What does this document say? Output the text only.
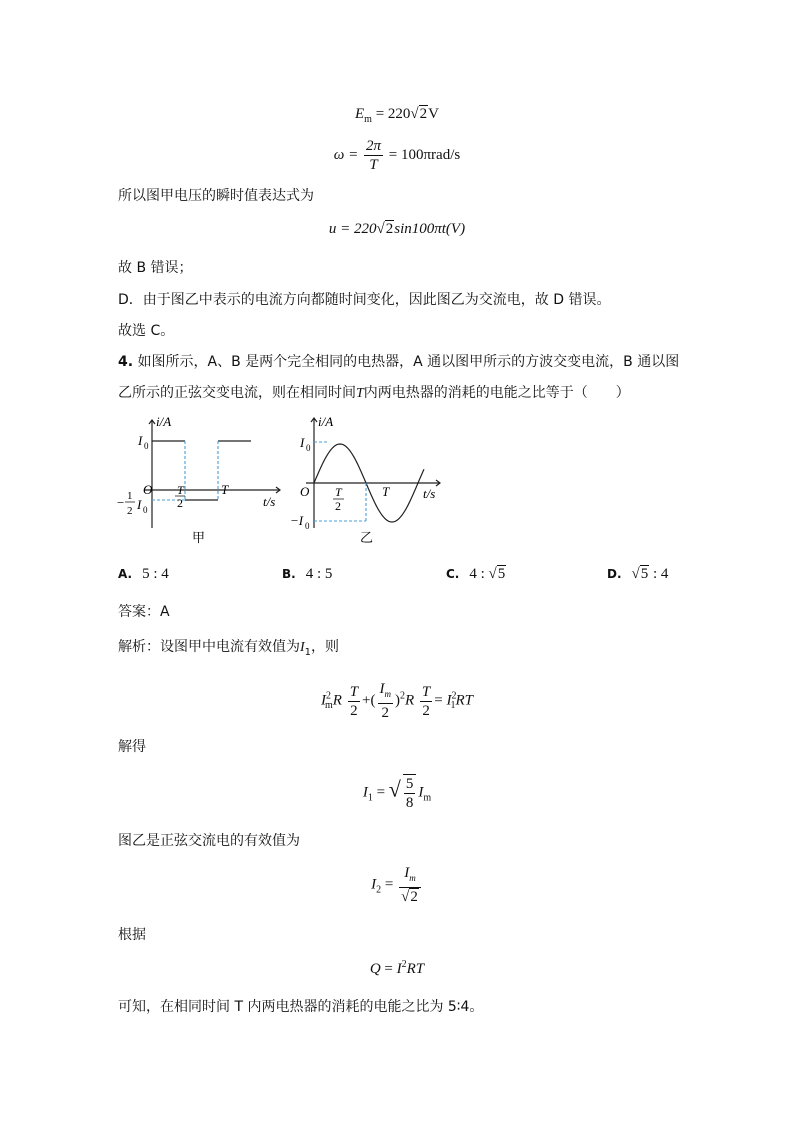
$E_m = 220√2V$
$\omega = \frac{2\pi}{T} = 100\pi rad/s$
所以图甲电压的瞬时值表达式为
u = 220√2sin100πt(V)
故 B 错误；
D．由于图乙中表示的电流方向都随时间变化，因此图乙为交流电，故 D 错误。
故选 C。
4. 如图所示，A、B 是两个完全相同的电热器，A 通以图甲所示的方波交变电流，B 通以图
乙所示的正弦交变电流，则在相同时间T内两电热器的消耗的电能之比等于（　　）
i/A
t/s
I 0
O T
2
T
− 1
2 I 0
甲
i/A
t/s
I 0
O T
2
T
−I 0
乙
A. 5 : 4	B. 4 : 5	C. 4 : √5	D. √5 : 4
答案：A
解析：设图甲中电流有效值为$I_1$，则
$I^2_mR \frac{T}{2}$ +( $\frac{I_m}{2} )^2R \frac{T}{2} = I^2_1RT$
解得
$I_1$ = √ $\frac{5}{8} I_m$
图乙是正弦交流电的有效值为
$I_2 = \frac{I_m}{√2}$
根据
$Q = I^2RT$
可知，在相同时间 T 内两电热器的消耗的电能之比为 5∶4。
